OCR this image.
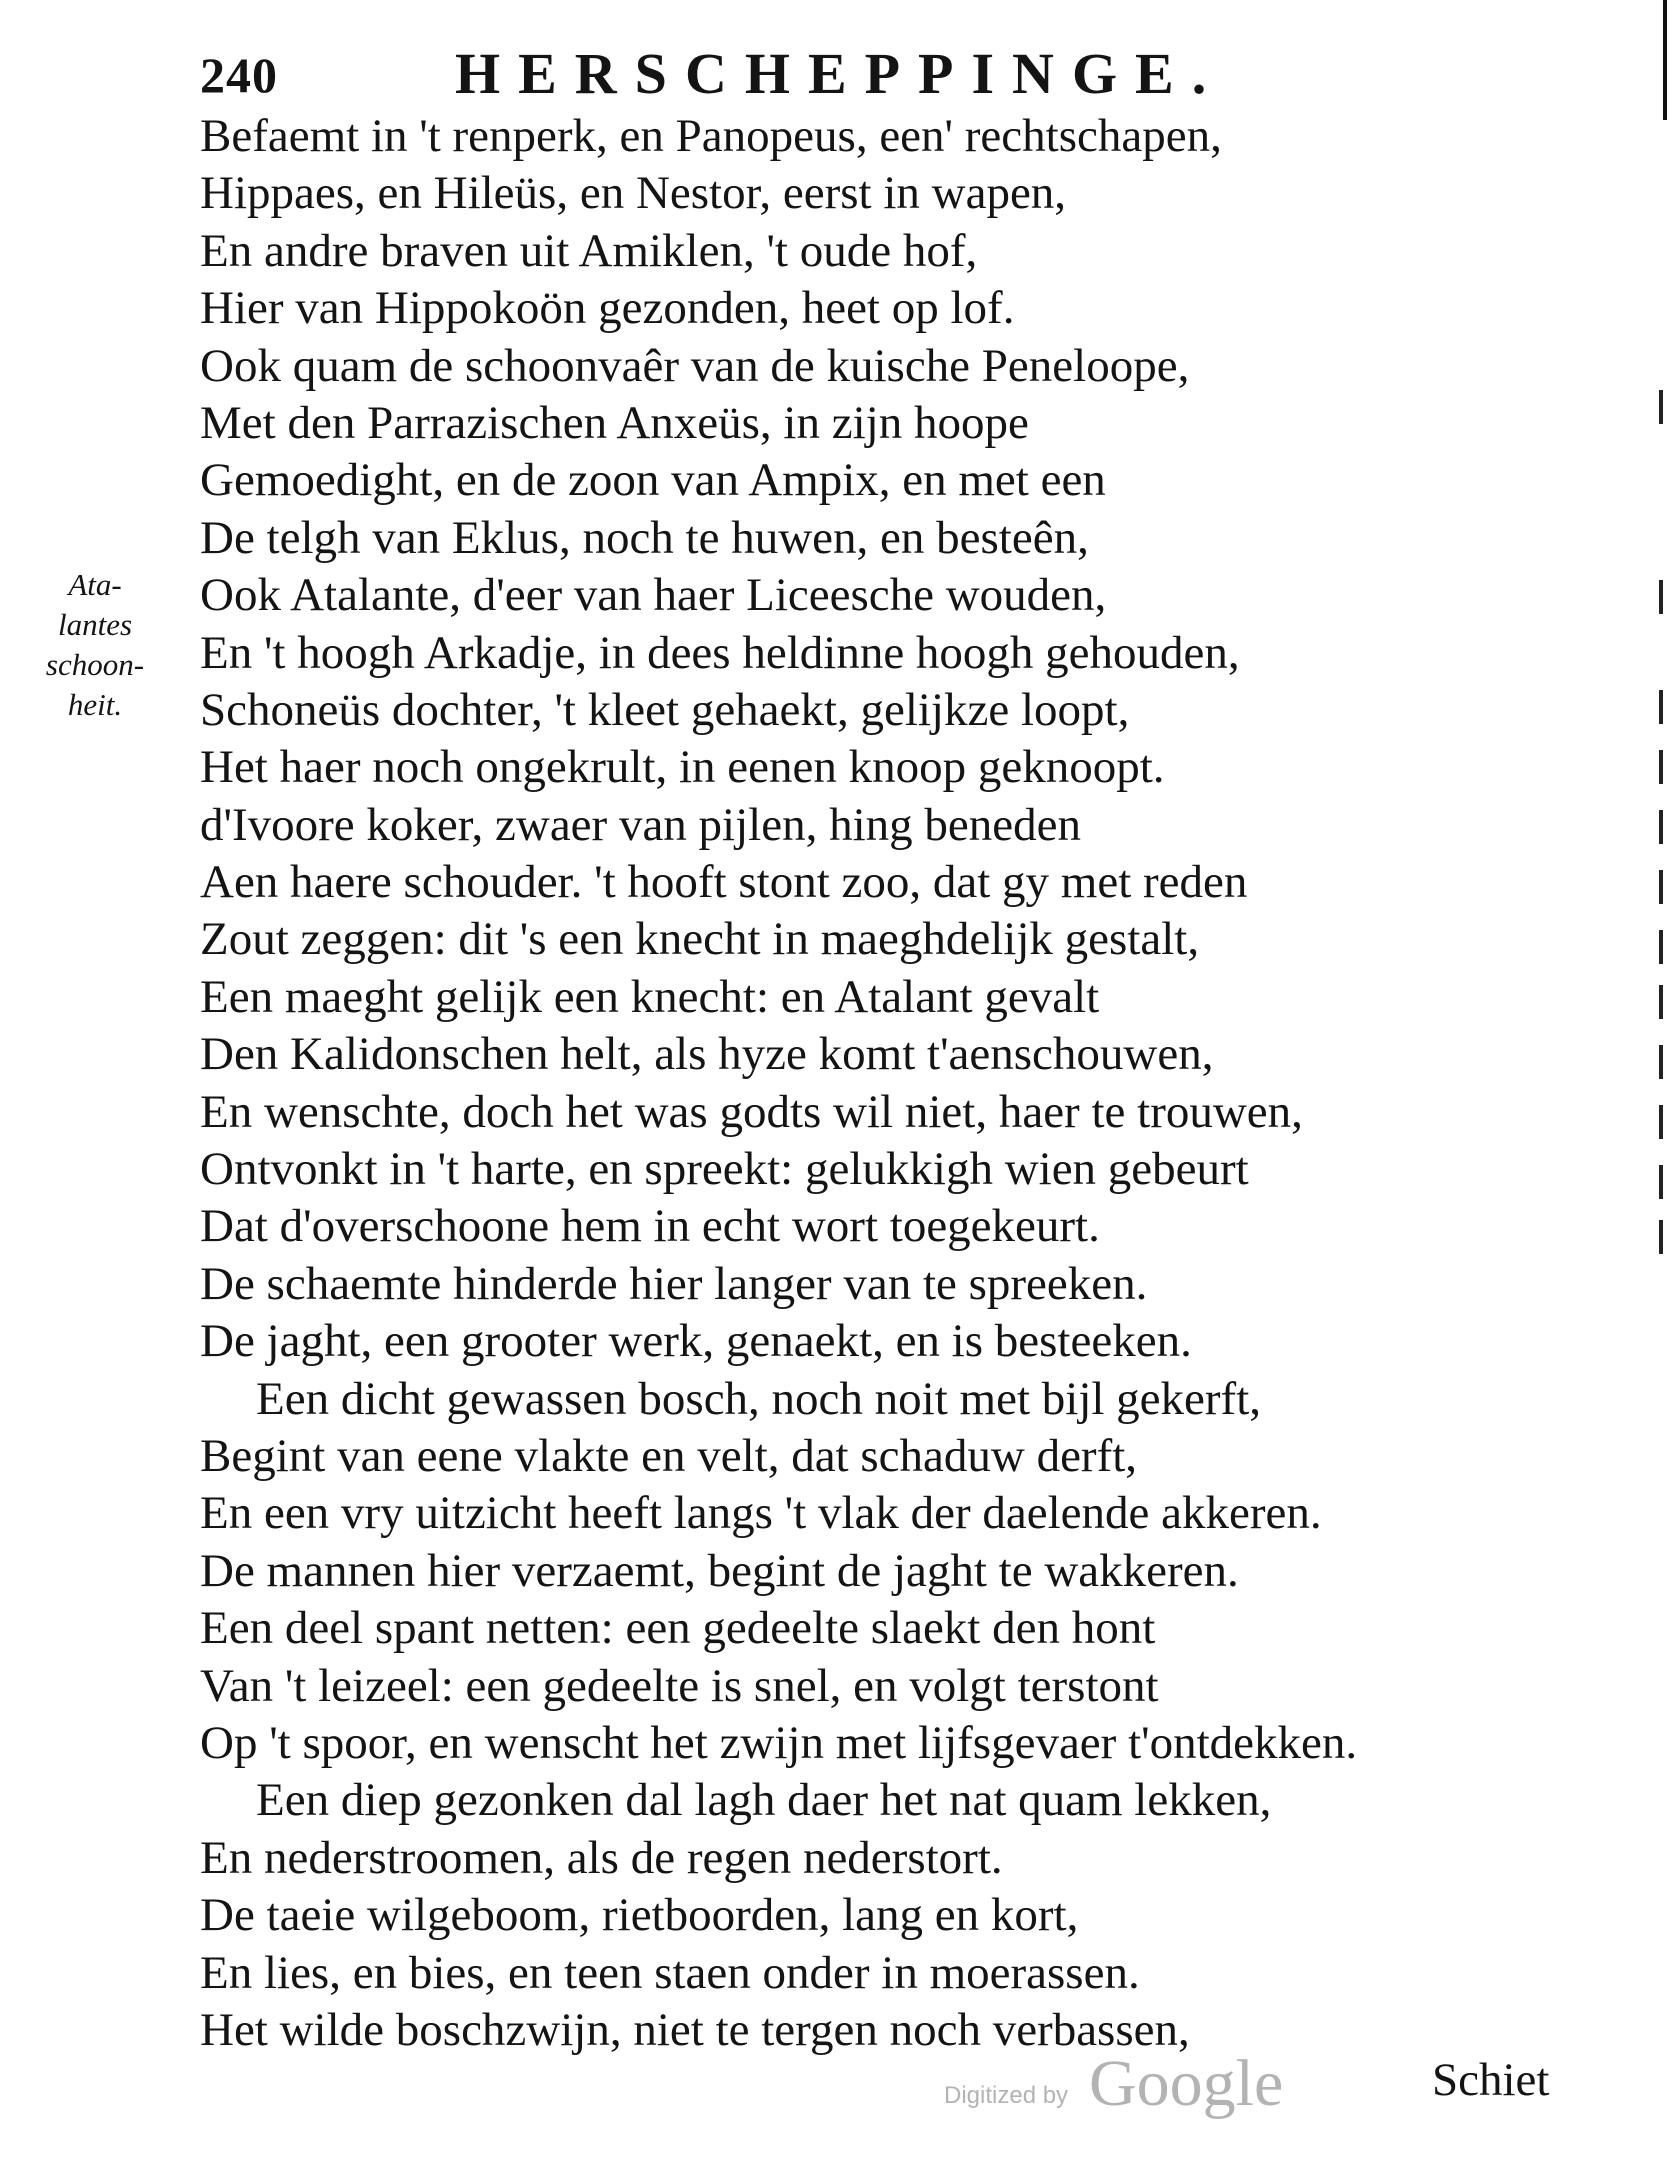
240	HERSCHEPPINGE.
Ata-
lantes
schoon-
heit.
Befaemt in 't renperk, en Panopeus, een' rechtschapen,
Hippaes, en Hileüs, en Nestor, eerst in wapen,
En andre braven uit Amiklen, 't oude hof,
Hier van Hippokoön gezonden, heet op lof.
Ook quam de schoonvaêr van de kuische Peneloope,
Met den Parrazischen Anxeüs, in zijn hoope
Gemoedight, en de zoon van Ampix, en met een
De telgh van Eklus, noch te huwen, en besteên,
Ook Atalante, d'eer van haer Liceesche wouden,
En 't hoogh Arkadje, in dees heldinne hoogh gehouden,
Schoneüs dochter, 't kleet gehaekt, gelijkze loopt,
Het haer noch ongekrult, in eenen knoop geknoopt.
d'Ivoore koker, zwaer van pijlen, hing beneden
Aen haere schouder. 't hooft stont zoo, dat gy met reden
Zout zeggen: dit 's een knecht in maeghdelijk gestalt,
Een maeght gelijk een knecht: en Atalant gevalt
Den Kalidonschen helt, als hyze komt t'aenschouwen,
En wenschte, doch het was godts wil niet, haer te trouwen,
Ontvonkt in 't harte, en spreekt: gelukkigh wien gebeurt
Dat d'overschoone hem in echt wort toegekeurt.
De schaemte hinderde hier langer van te spreeken.
De jaght, een grooter werk, genaekt, en is besteeken.
Een dicht gewassen bosch, noch noit met bijl gekerft,
Begint van eene vlakte en velt, dat schaduw derft,
En een vry uitzicht heeft langs 't vlak der daelende akkeren.
De mannen hier verzaemt, begint de jaght te wakkeren.
Een deel spant netten: een gedeelte slaekt den hont
Van 't leizeel: een gedeelte is snel, en volgt terstont
Op 't spoor, en wenscht het zwijn met lijfsgevaer t'ontdekken.
Een diep gezonken dal lagh daer het nat quam lekken,
En nederstroomen, als de regen nederstort.
De taeie wilgeboom, rietboorden, lang en kort,
En lies, en bies, en teen staen onder in moerassen.
Het wilde boschzwijn, niet te tergen noch verbassen,
Digitized by Google	Schiet
